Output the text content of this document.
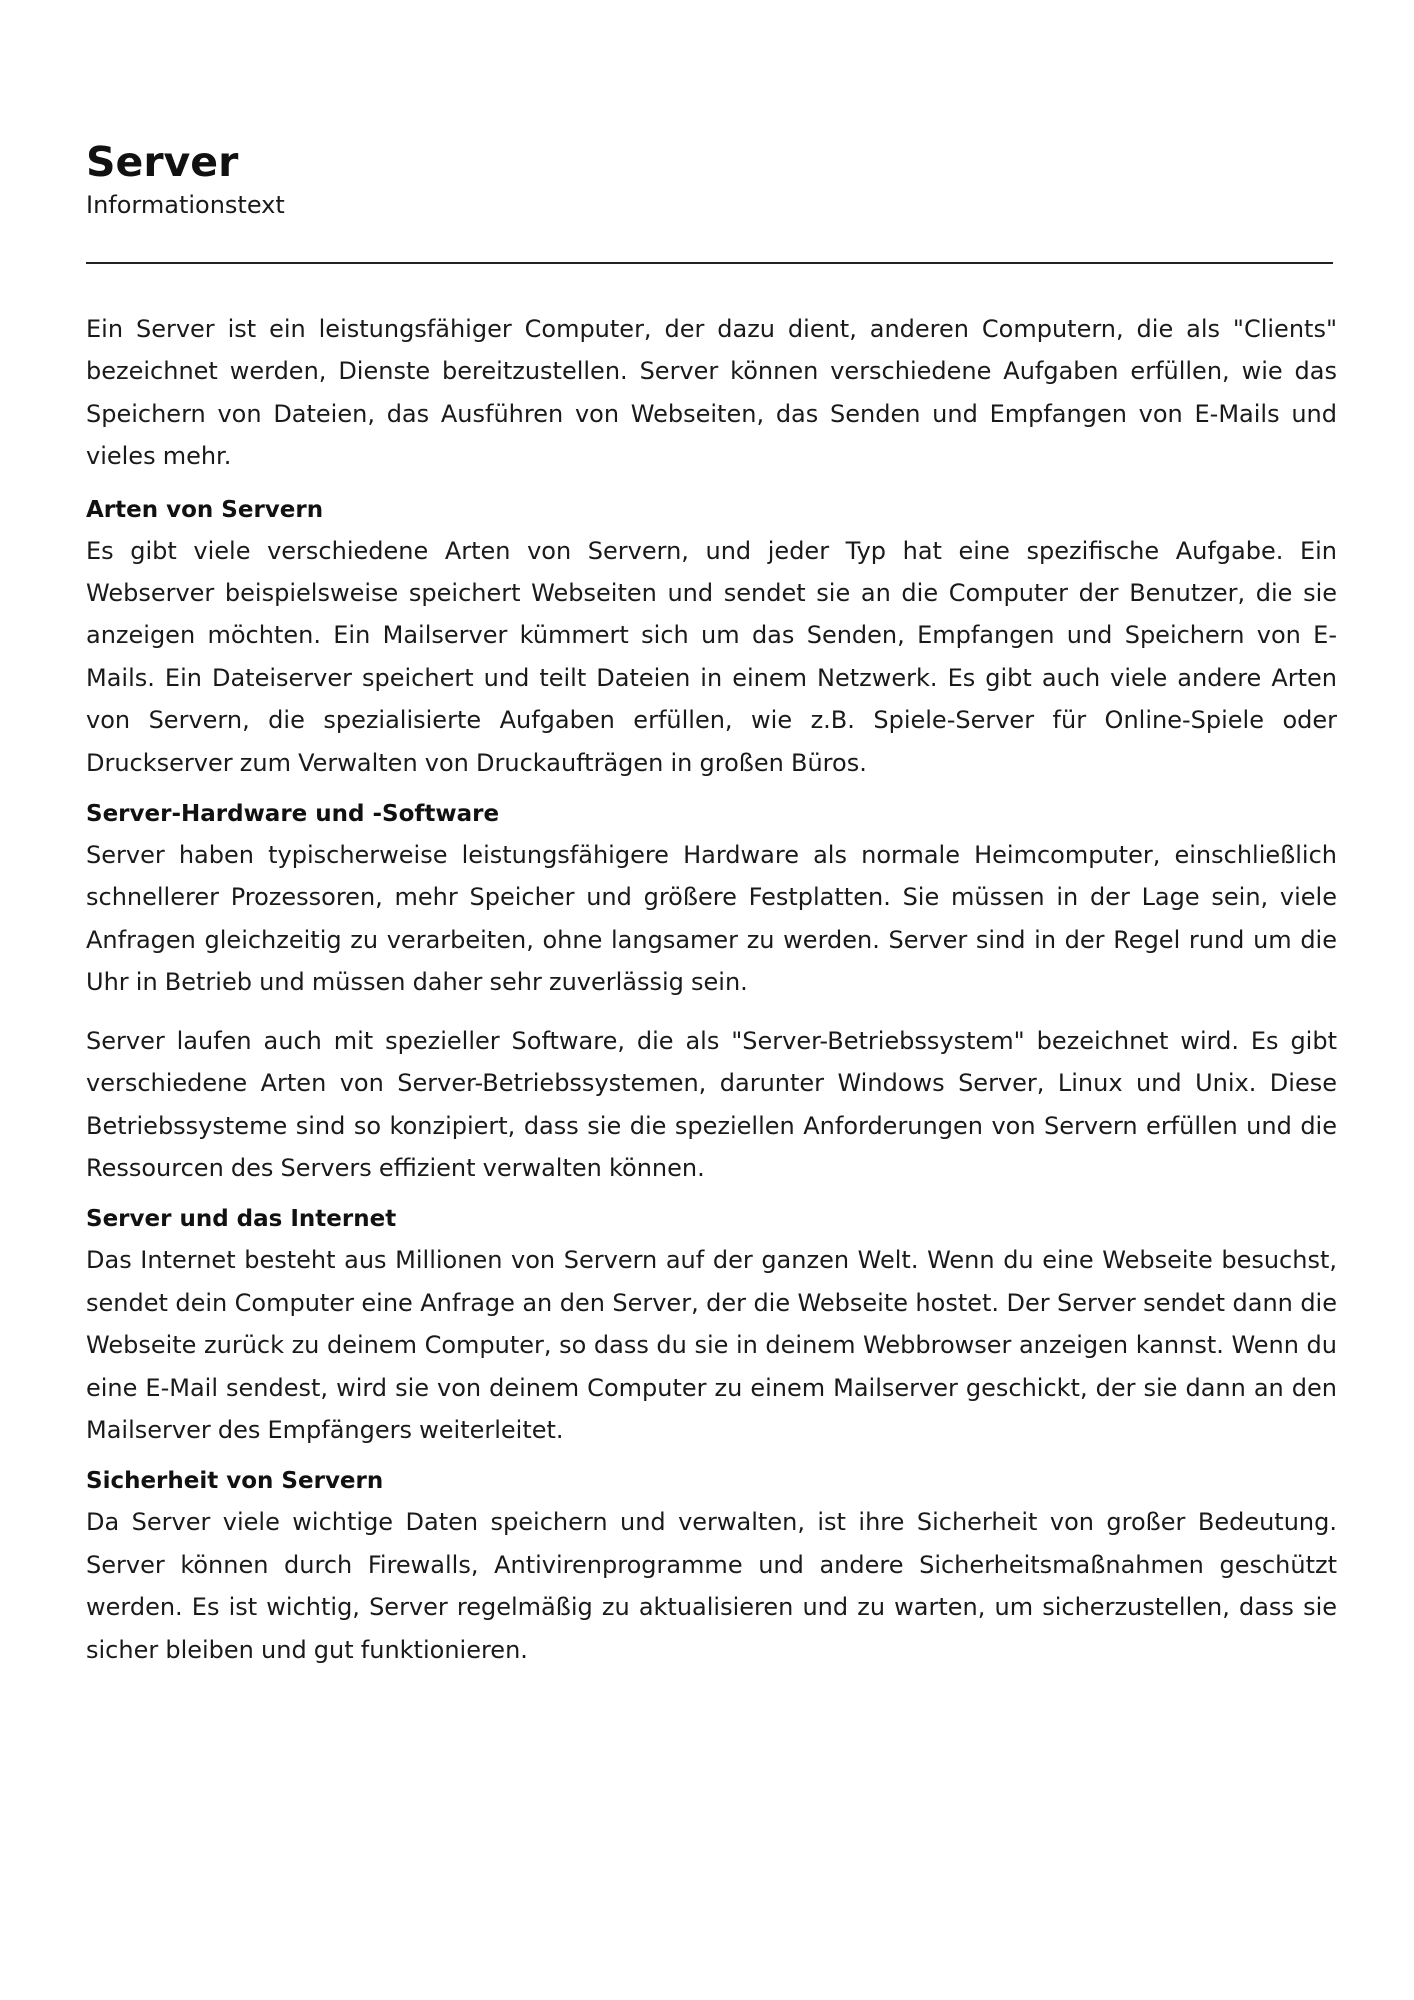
Server
Informationstext

Ein Server ist ein leistungsfähiger Computer, der dazu dient, anderen Computern, die als "Clients" bezeichnet werden, Dienste bereitzustellen. Server können verschiedene Aufgaben erfüllen, wie das Speichern von Dateien, das Ausführen von Webseiten, das Senden und Empfangen von E-Mails und vieles mehr.

Arten von Servern

Es gibt viele verschiedene Arten von Servern, und jeder Typ hat eine spezifische Aufgabe. Ein Webserver beispielsweise speichert Webseiten und sendet sie an die Computer der Benutzer, die sie anzeigen möchten. Ein Mailserver kümmert sich um das Senden, Empfangen und Speichern von E-Mails. Ein Dateiserver speichert und teilt Dateien in einem Netzwerk. Es gibt auch viele andere Arten von Servern, die spezialisierte Aufgaben erfüllen, wie z.B. Spiele-Server für Online-Spiele oder Druckserver zum Verwalten von Druckaufträgen in großen Büros.

Server-Hardware und -Software

Server haben typischerweise leistungsfähigere Hardware als normale Heimcomputer, einschließlich schnellerer Prozessoren, mehr Speicher und größere Festplatten. Sie müssen in der Lage sein, viele Anfragen gleichzeitig zu verarbeiten, ohne langsamer zu werden. Server sind in der Regel rund um die Uhr in Betrieb und müssen daher sehr zuverlässig sein.

Server laufen auch mit spezieller Software, die als "Server-Betriebssystem" bezeichnet wird. Es gibt verschiedene Arten von Server-Betriebssystemen, darunter Windows Server, Linux und Unix. Diese Betriebssysteme sind so konzipiert, dass sie die speziellen Anforderungen von Servern erfüllen und die Ressourcen des Servers effizient verwalten können.

Server und das Internet

Das Internet besteht aus Millionen von Servern auf der ganzen Welt. Wenn du eine Webseite besuchst, sendet dein Computer eine Anfrage an den Server, der die Webseite hostet. Der Server sendet dann die Webseite zurück zu deinem Computer, so dass du sie in deinem Webbrowser anzeigen kannst. Wenn du eine E-Mail sendest, wird sie von deinem Computer zu einem Mailserver geschickt, der sie dann an den Mailserver des Empfängers weiterleitet.

Sicherheit von Servern

Da Server viele wichtige Daten speichern und verwalten, ist ihre Sicherheit von großer Bedeutung. Server können durch Firewalls, Antivirenprogramme und andere Sicherheitsmaßnahmen geschützt werden. Es ist wichtig, Server regelmäßig zu aktualisieren und zu warten, um sicherzustellen, dass sie sicher bleiben und gut funktionieren.
